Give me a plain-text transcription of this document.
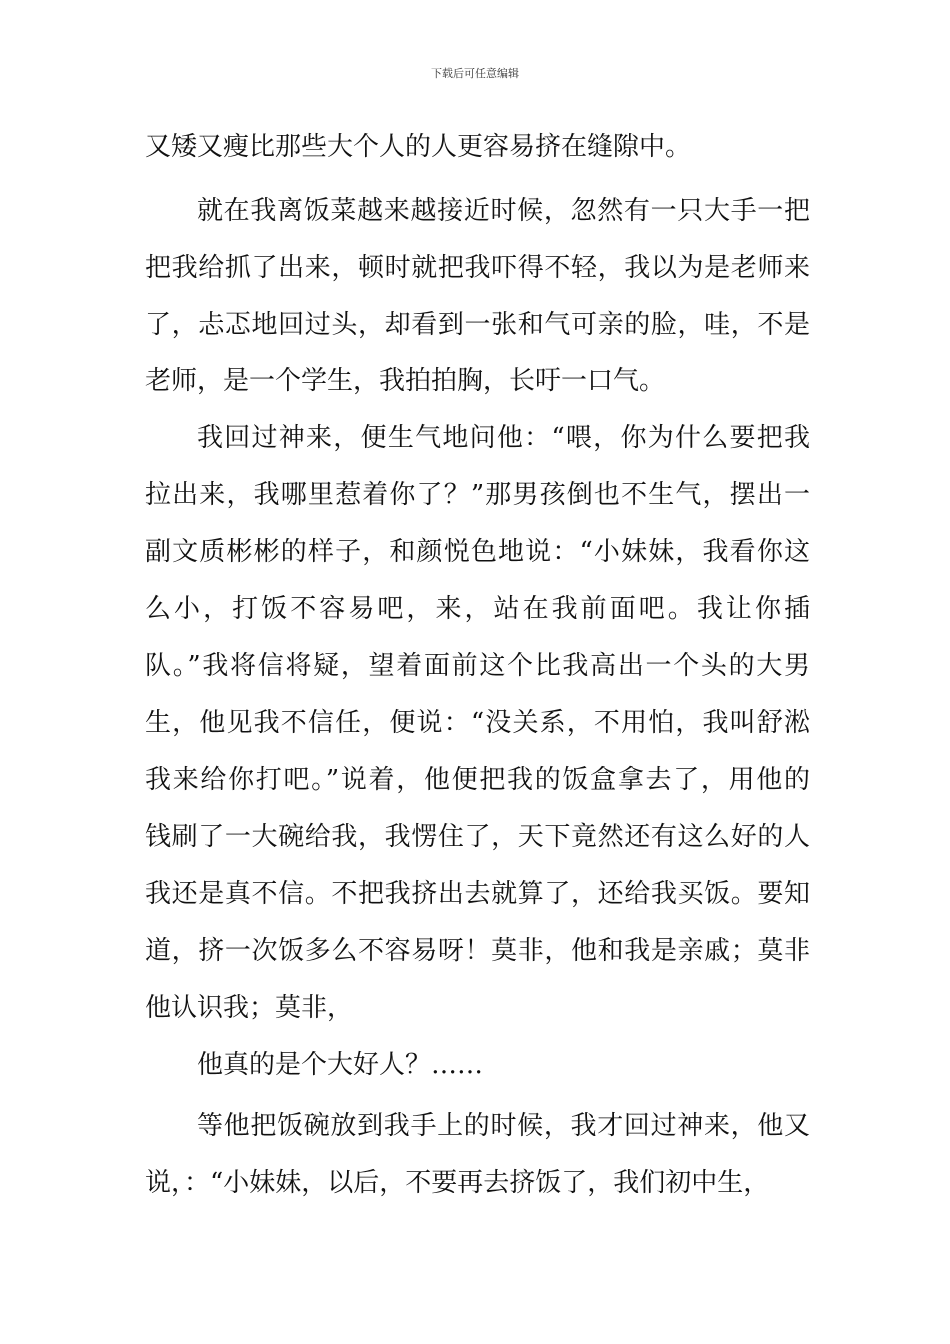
下载后可任意编辑
又矮又瘦比那些大个人的人更容易挤在缝隙中。
就在我离饭菜越来越接近时候，忽然有一只大手一把
把我给抓了出来，顿时就把我吓得不轻，我以为是老师来
了，忐忑地回过头，却看到一张和气可亲的脸，哇，不是
老师，是一个学生，我拍拍胸，长吁一口气。
我回过神来，便生气地问他：“喂，你为什么要把我
拉出来，我哪里惹着你了？”那男孩倒也不生气，摆出一
副文质彬彬的样子，和颜悦色地说：“小妹妹，我看你这
么小，打饭不容易吧，来，站在我前面吧。我让你插
队。”我将信将疑，望着面前这个比我高出一个头的大男
生，他见我不信任，便说：“没关系，不用怕，我叫舒淞
我来给你打吧。”说着，他便把我的饭盒拿去了，用他的
钱刷了一大碗给我，我愣住了，天下竟然还有这么好的人
我还是真不信。不把我挤出去就算了，还给我买饭。要知
道，挤一次饭多么不容易呀！莫非，他和我是亲戚；莫非
他认识我；莫非，
他真的是个大好人？……
等他把饭碗放到我手上的时候，我才回过神来，他又
说，：“小妹妹，以后，不要再去挤饭了，我们初中生，
